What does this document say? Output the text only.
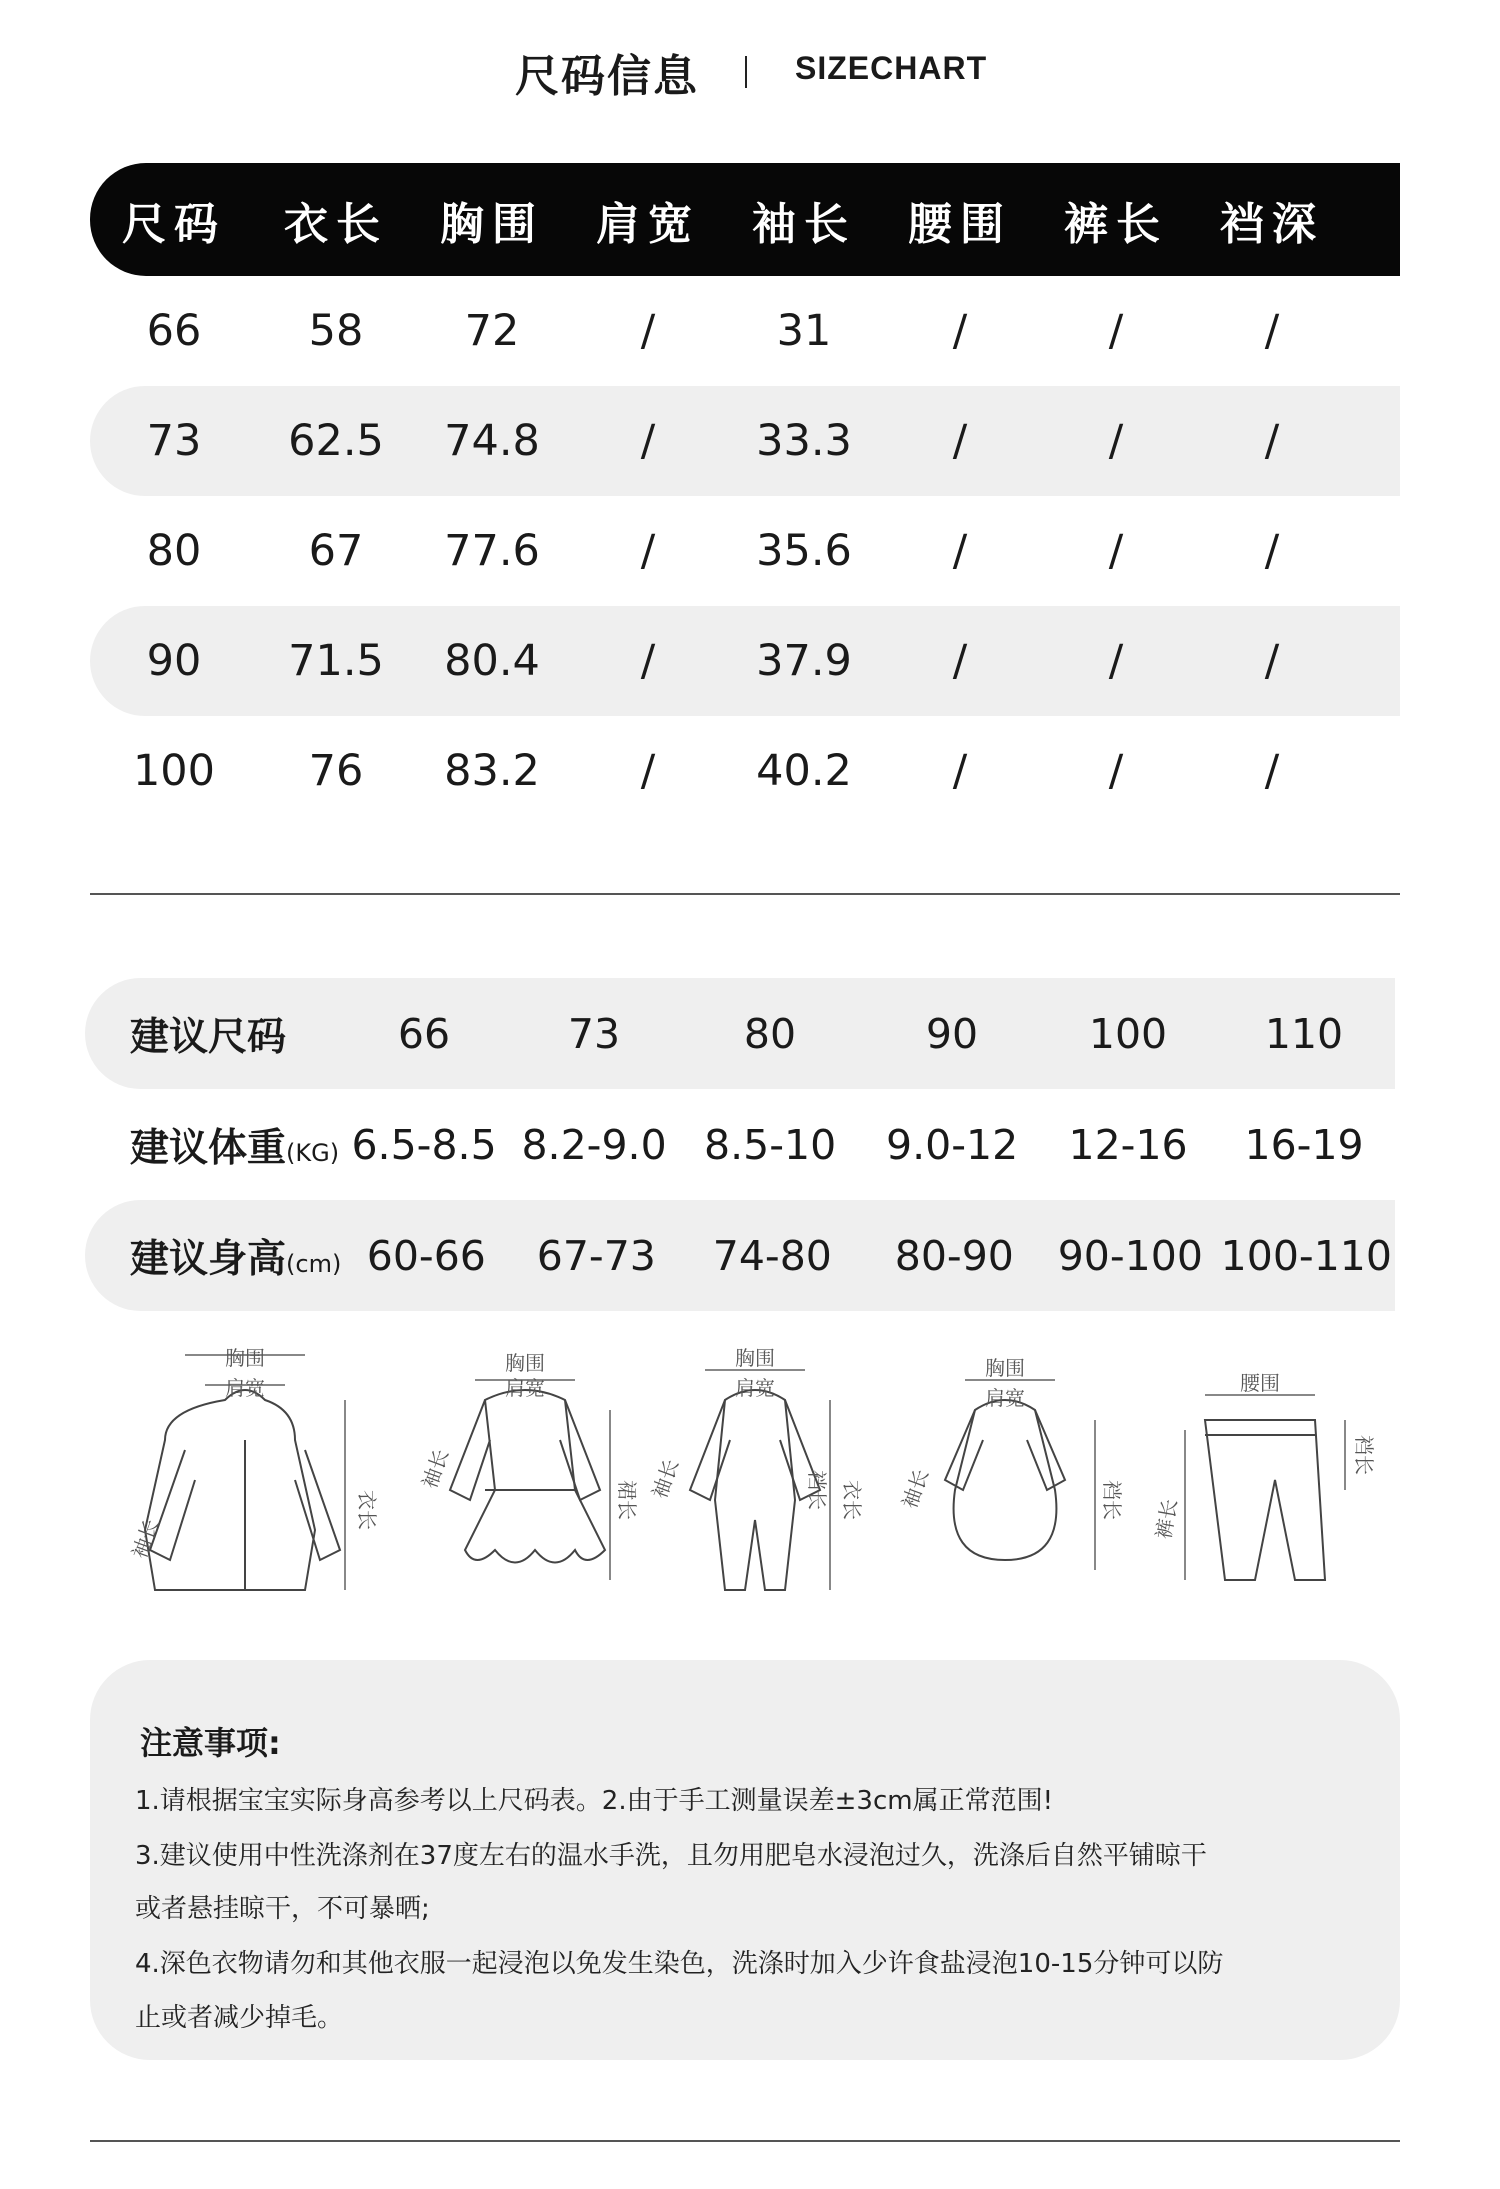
尺码信息	SIZECHART
尺码	衣长	胸围	肩宽	袖长	腰围	裤长	裆深
66	58	72	/	31	/	/	/
73	62.5	74.8	/	33.3	/	/	/
80	67	77.6	/	35.6	/	/	/
90	71.5	80.4	/	37.9	/	/	/
100	76	83.2	/	40.2	/	/	/
建议尺码	66	73	80	90	100	110
建议体重(KG) 6.5-8.5 8.2-9.0 8.5-10	9.0-12	12-16	16-19
建议身高(cm) 60-66	67-73	74-80	80-90	90-100 100-110
胸围
肩宽
袖长
衣长
胸围
肩宽
袖长
裙长
胸围
肩宽
袖长	裆长 衣长
胸围
肩宽
袖长	裆长
腰围
裤长
裆长
注意事项:
1.请根据宝宝实际身高参考以上尺码表。2.由于手工测量误差±3cm属正常范围!
3.建议使用中性洗涤剂在37度左右的温水手洗，且勿用肥皂水浸泡过久，洗涤后自然平铺晾干
或者悬挂晾干，不可暴晒;
4.深色衣物请勿和其他衣服一起浸泡以免发生染色，洗涤时加入少许食盐浸泡10-15分钟可以防
止或者减少掉毛。
